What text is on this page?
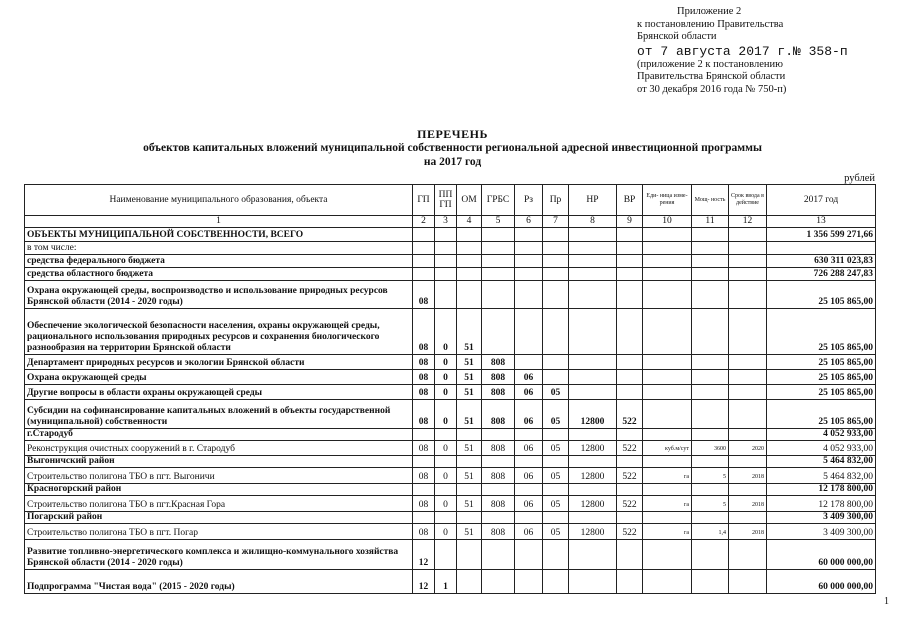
Приложение 2
к постановлению Правительства
Брянской области
от 7 августа 2017 г.№ 358-п
(приложение 2 к постановлению
Правительства Брянской области
от 30 декабря 2016 года № 750-п)
ПЕРЕЧЕНЬ
объектов капитальных вложений муниципальной собственности региональной адресной инвестиционной программы
на 2017 год
рублей
Наименование муниципального образования, объекта	ГП	ППГП	ОМ	ГРБС	Рз	Пр	НР	ВР	Еди- ница изме- рения	Мощ- ность	Срок ввода в действие	2017 год
1	2	3	4	5	6	7	8	9	10	11	12	13
ОБЪЕКТЫ МУНИЦИПАЛЬНОЙ СОБСТВЕННОСТИ, ВСЕГО												1 356 599 271,66
в том числе:												
средства федерального бюджета												630 311 023,83
средства областного бюджета												726 288 247,83
Охрана окружающей среды, воспроизводство и использование природных ресурсов Брянской области (2014 - 2020 годы)	08											25 105 865,00
Обеспечение экологической безопасности населения, охраны окружающей среды, рационального использования природных ресурсов и сохранения биологического разнообразия на территории Брянской области	08	0	51									25 105 865,00
Департамент природных ресурсов и экологии Брянской области	08	0	51	808								25 105 865,00
Охрана окружающей среды	08	0	51	808	06							25 105 865,00
Другие вопросы в области охраны окружающей среды	08	0	51	808	06	05						25 105 865,00
Субсидии на софинансирование капитальных вложений в объекты государственной (муниципальной) собственности	08	0	51	808	06	05	12800	522				25 105 865,00
г.Стародуб												4 052 933,00
Реконструкция очистных сооружений в г. Стародуб	08	0	51	808	06	05	12800	522	куб.м/сут	3600	2020	4 052 933,00
Выгоничский район												5 464 832,00
Строительство полигона ТБО в пгт. Выгоничи	08	0	51	808	06	05	12800	522	га	5	2018	5 464 832,00
Красногорский район												12 178 800,00
Строительство полигона ТБО в пгт.Красная Гора	08	0	51	808	06	05	12800	522	га	5	2018	12 178 800,00
Погарский район												3 409 300,00
Строительство полигона ТБО в пгт. Погар	08	0	51	808	06	05	12800	522	га	1,4	2018	3 409 300,00
Развитие топливно-энергетического комплекса и жилищно-коммунального хозяйства Брянской области (2014 - 2020 годы)	12											60 000 000,00
Подпрограмма "Чистая вода" (2015 - 2020 годы)	12	1										60 000 000,00
1
